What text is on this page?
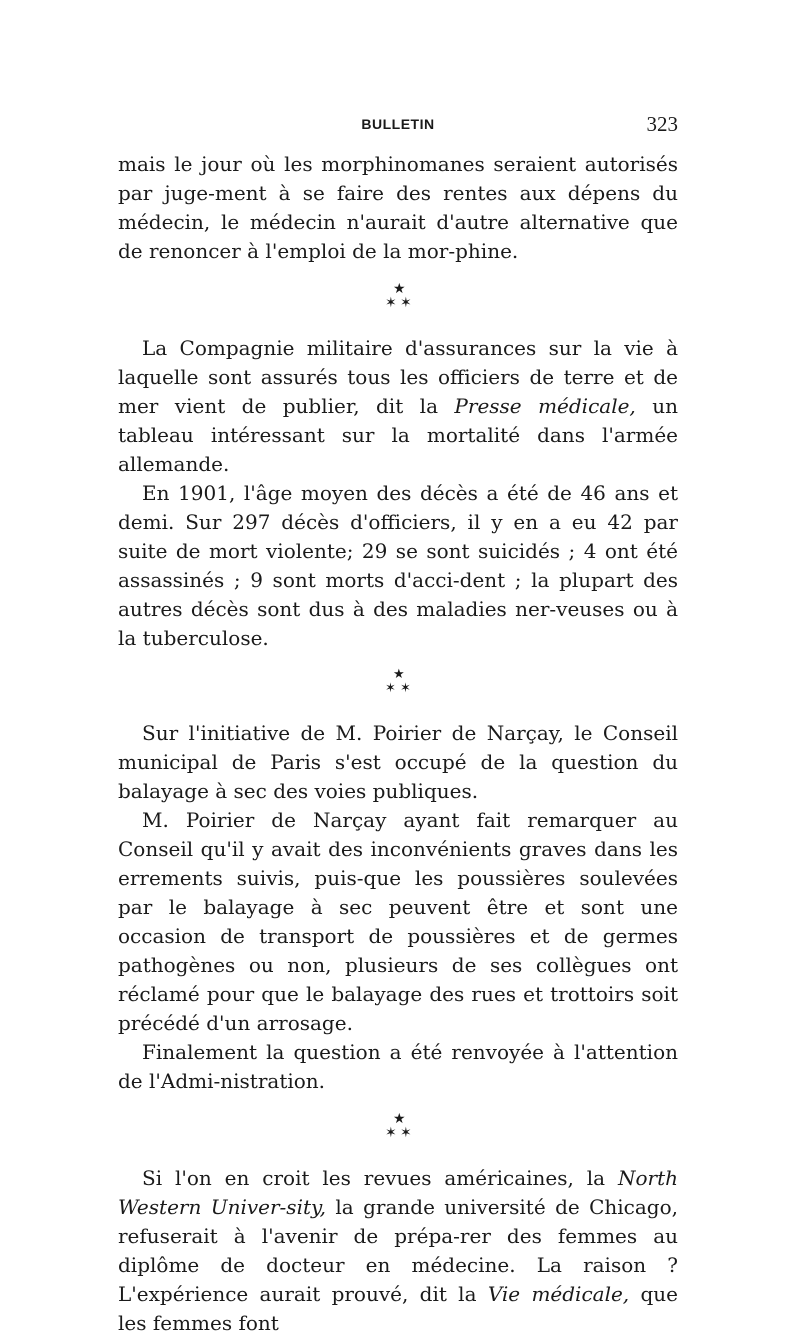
BULLETIN	323

mais le jour où les morphinomanes seraient autorisés par juge-ment à se faire des rentes aux dépens du médecin, le médecin n'aurait d'autre alternative que de renoncer à l'emploi de la mor-phine.

★
✶ ✶

La Compagnie militaire d'assurances sur la vie à laquelle sont assurés tous les officiers de terre et de mer vient de publier, dit la Presse médicale, un tableau intéressant sur la mortalité dans l'armée allemande.

En 1901, l'âge moyen des décès a été de 46 ans et demi. Sur 297 décès d'officiers, il y en a eu 42 par suite de mort violente; 29 se sont suicidés ; 4 ont été assassinés ; 9 sont morts d'acci-dent ; la plupart des autres décès sont dus à des maladies ner-veuses ou à la tuberculose.

★
✶ ✶

Sur l'initiative de M. Poirier de Narçay, le Conseil municipal de Paris s'est occupé de la question du balayage à sec des voies publiques.

M. Poirier de Narçay ayant fait remarquer au Conseil qu'il y avait des inconvénients graves dans les errements suivis, puis-que les poussières soulevées par le balayage à sec peuvent être et sont une occasion de transport de poussières et de germes pathogènes ou non, plusieurs de ses collègues ont réclamé pour que le balayage des rues et trottoirs soit précédé d'un arrosage.

Finalement la question a été renvoyée à l'attention de l'Admi-nistration.

★
✶ ✶

Si l'on en croit les revues américaines, la North Western Univer-sity, la grande université de Chicago, refuserait à l'avenir de prépa-rer des femmes au diplôme de docteur en médecine. La raison ? L'expérience aurait prouvé, dit la Vie médicale, que les femmes font
